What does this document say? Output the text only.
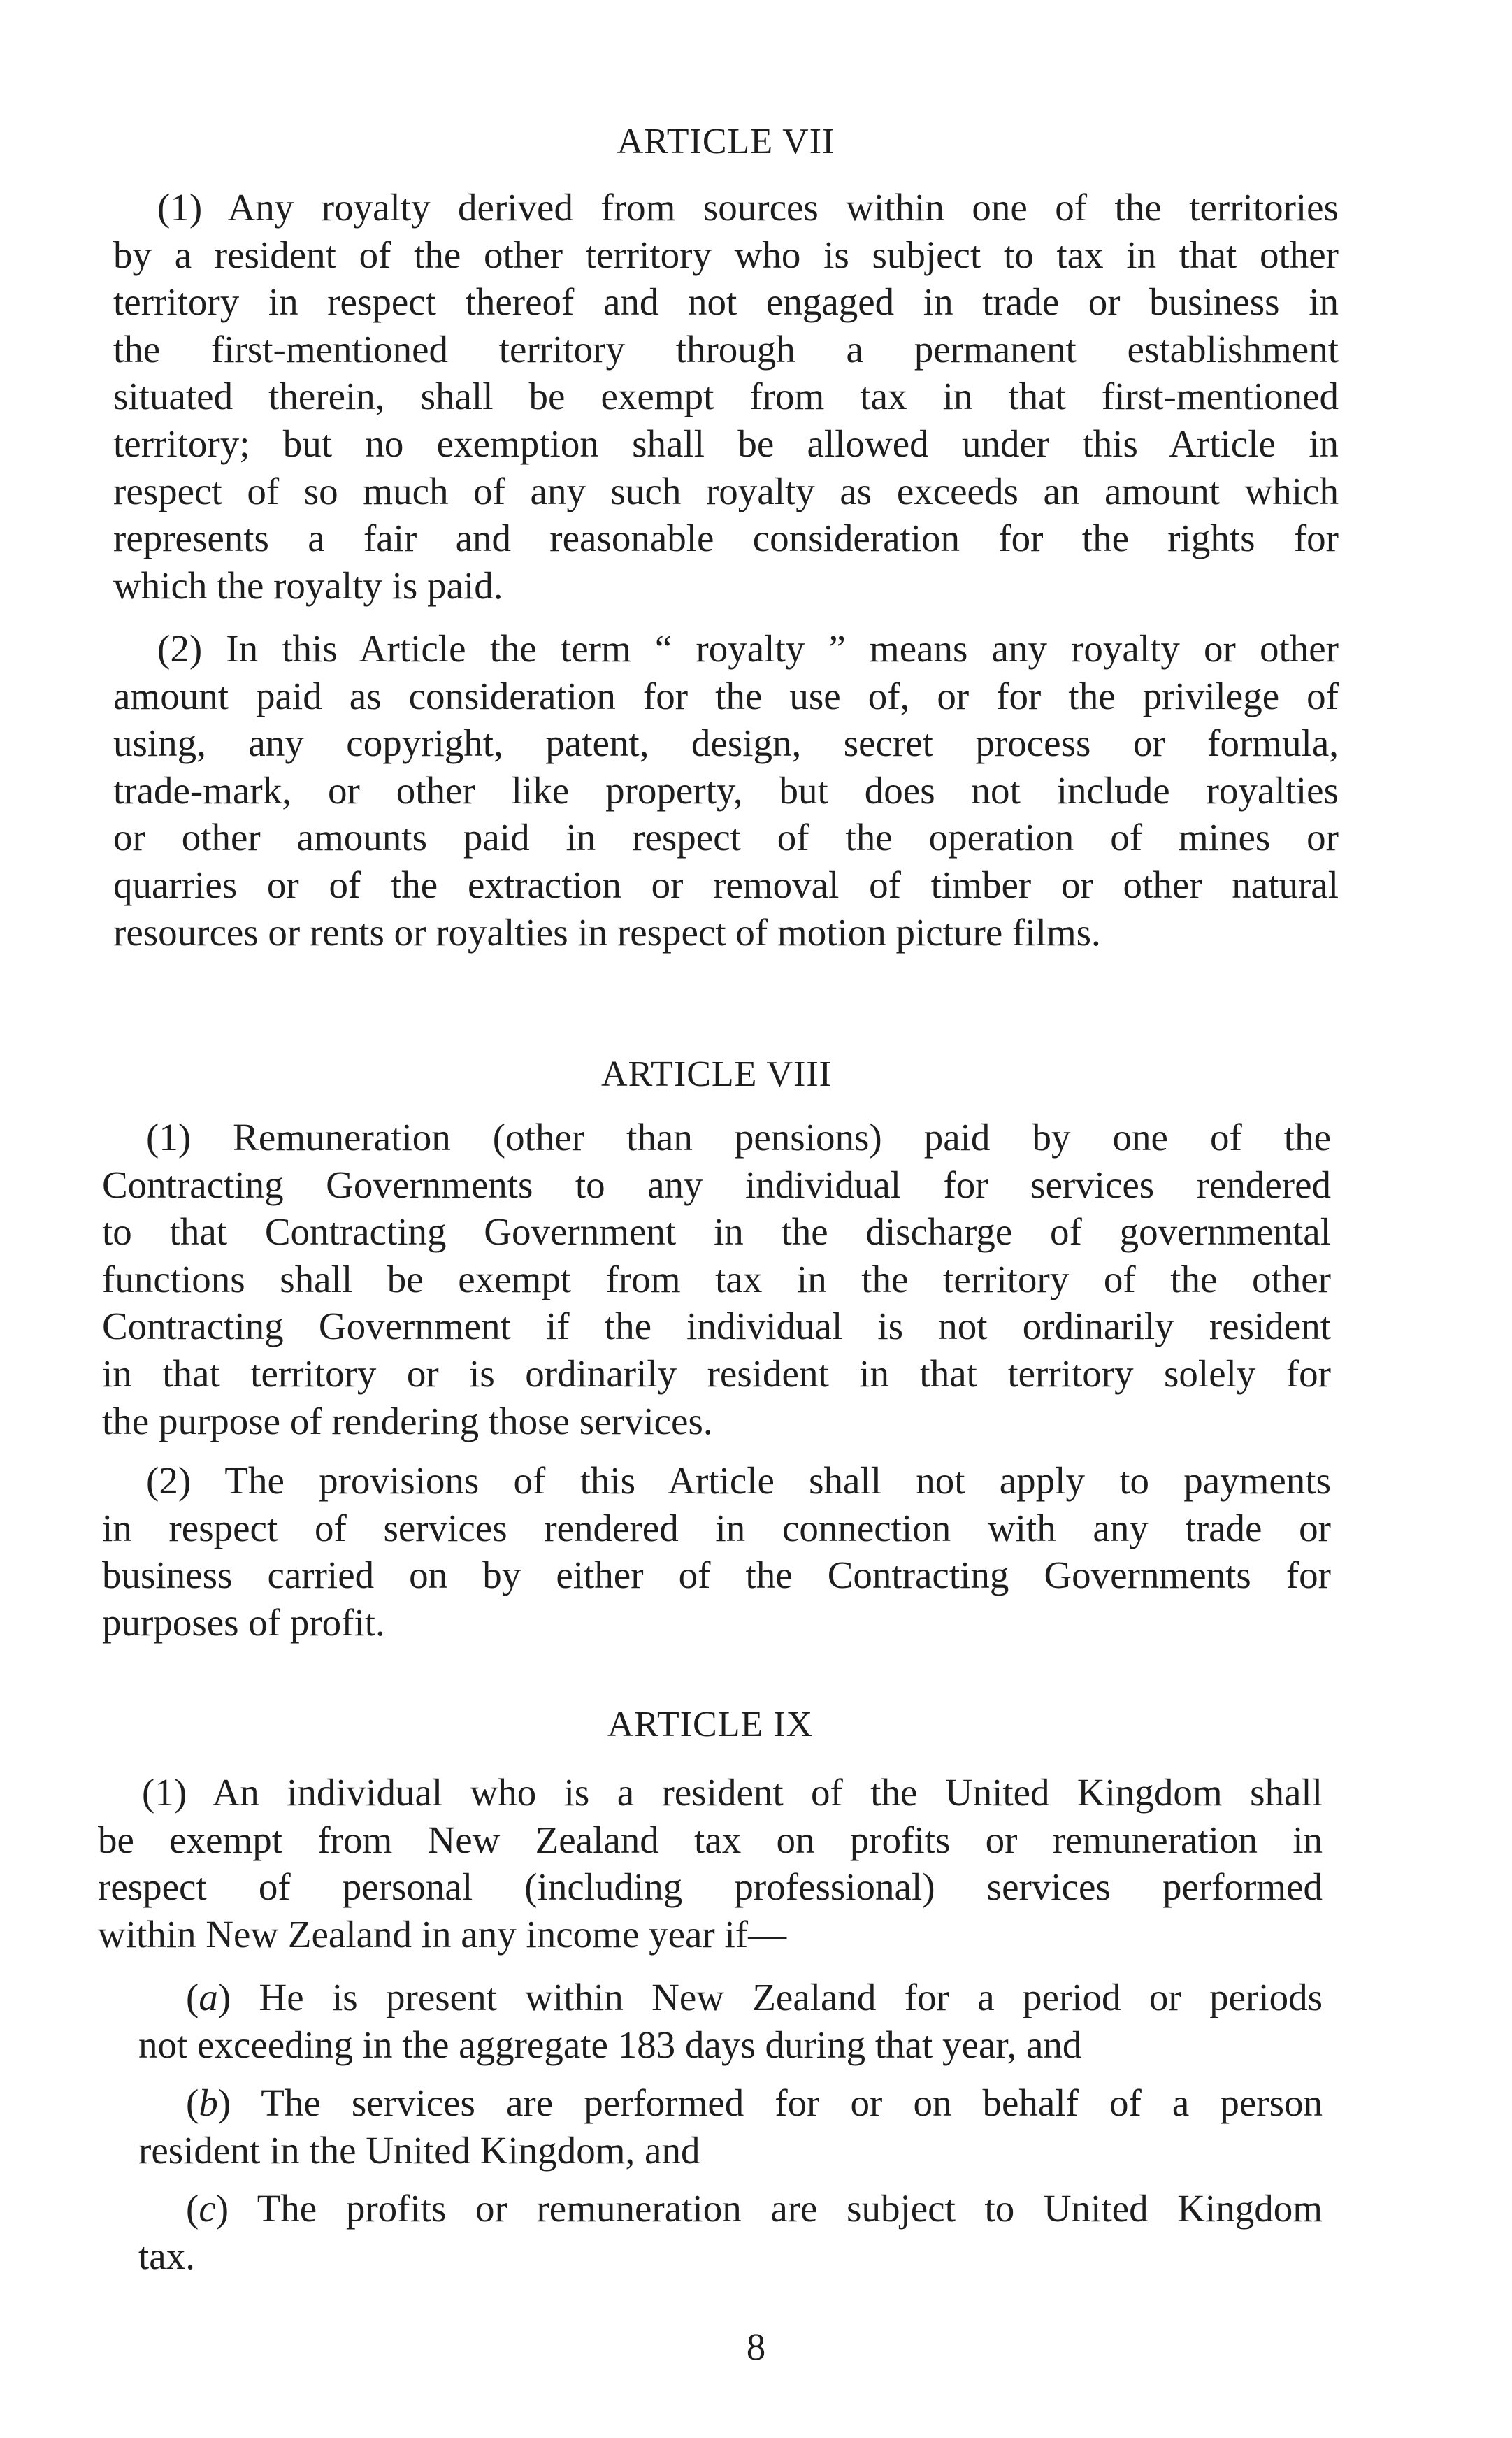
ARTICLE VII
(1) Any royalty derived from sources within one of the territories
by a resident of the other territory who is subject to tax in that other
territory in respect thereof and not engaged in trade or business in
the first-mentioned territory through a permanent establishment
situated therein, shall be exempt from tax in that first-mentioned
territory; but no exemption shall be allowed under this Article in
respect of so much of any such royalty as exceeds an amount which
represents a fair and reasonable consideration for the rights for
which the royalty is paid.
(2) In this Article the term “ royalty ” means any royalty or other
amount paid as consideration for the use of, or for the privilege of
using, any copyright, patent, design, secret process or formula,
trade-mark, or other like property, but does not include royalties
or other amounts paid in respect of the operation of mines or
quarries or of the extraction or removal of timber or other natural
resources or rents or royalties in respect of motion picture films.
ARTICLE VIII
(1) Remuneration (other than pensions) paid by one of the
Contracting Governments to any individual for services rendered
to that Contracting Government in the discharge of governmental
functions shall be exempt from tax in the territory of the other
Contracting Government if the individual is not ordinarily resident
in that territory or is ordinarily resident in that territory solely for
the purpose of rendering those services.
(2) The provisions of this Article shall not apply to payments
in respect of services rendered in connection with any trade or
business carried on by either of the Contracting Governments for
purposes of profit.
ARTICLE IX
(1) An individual who is a resident of the United Kingdom shall
be exempt from New Zealand tax on profits or remuneration in
respect of personal (including professional) services performed
within New Zealand in any income year if—
(a) He is present within New Zealand for a period or periods
not exceeding in the aggregate 183 days during that year, and
(b) The services are performed for or on behalf of a person
resident in the United Kingdom, and
(c) The profits or remuneration are subject to United Kingdom
tax.
8
